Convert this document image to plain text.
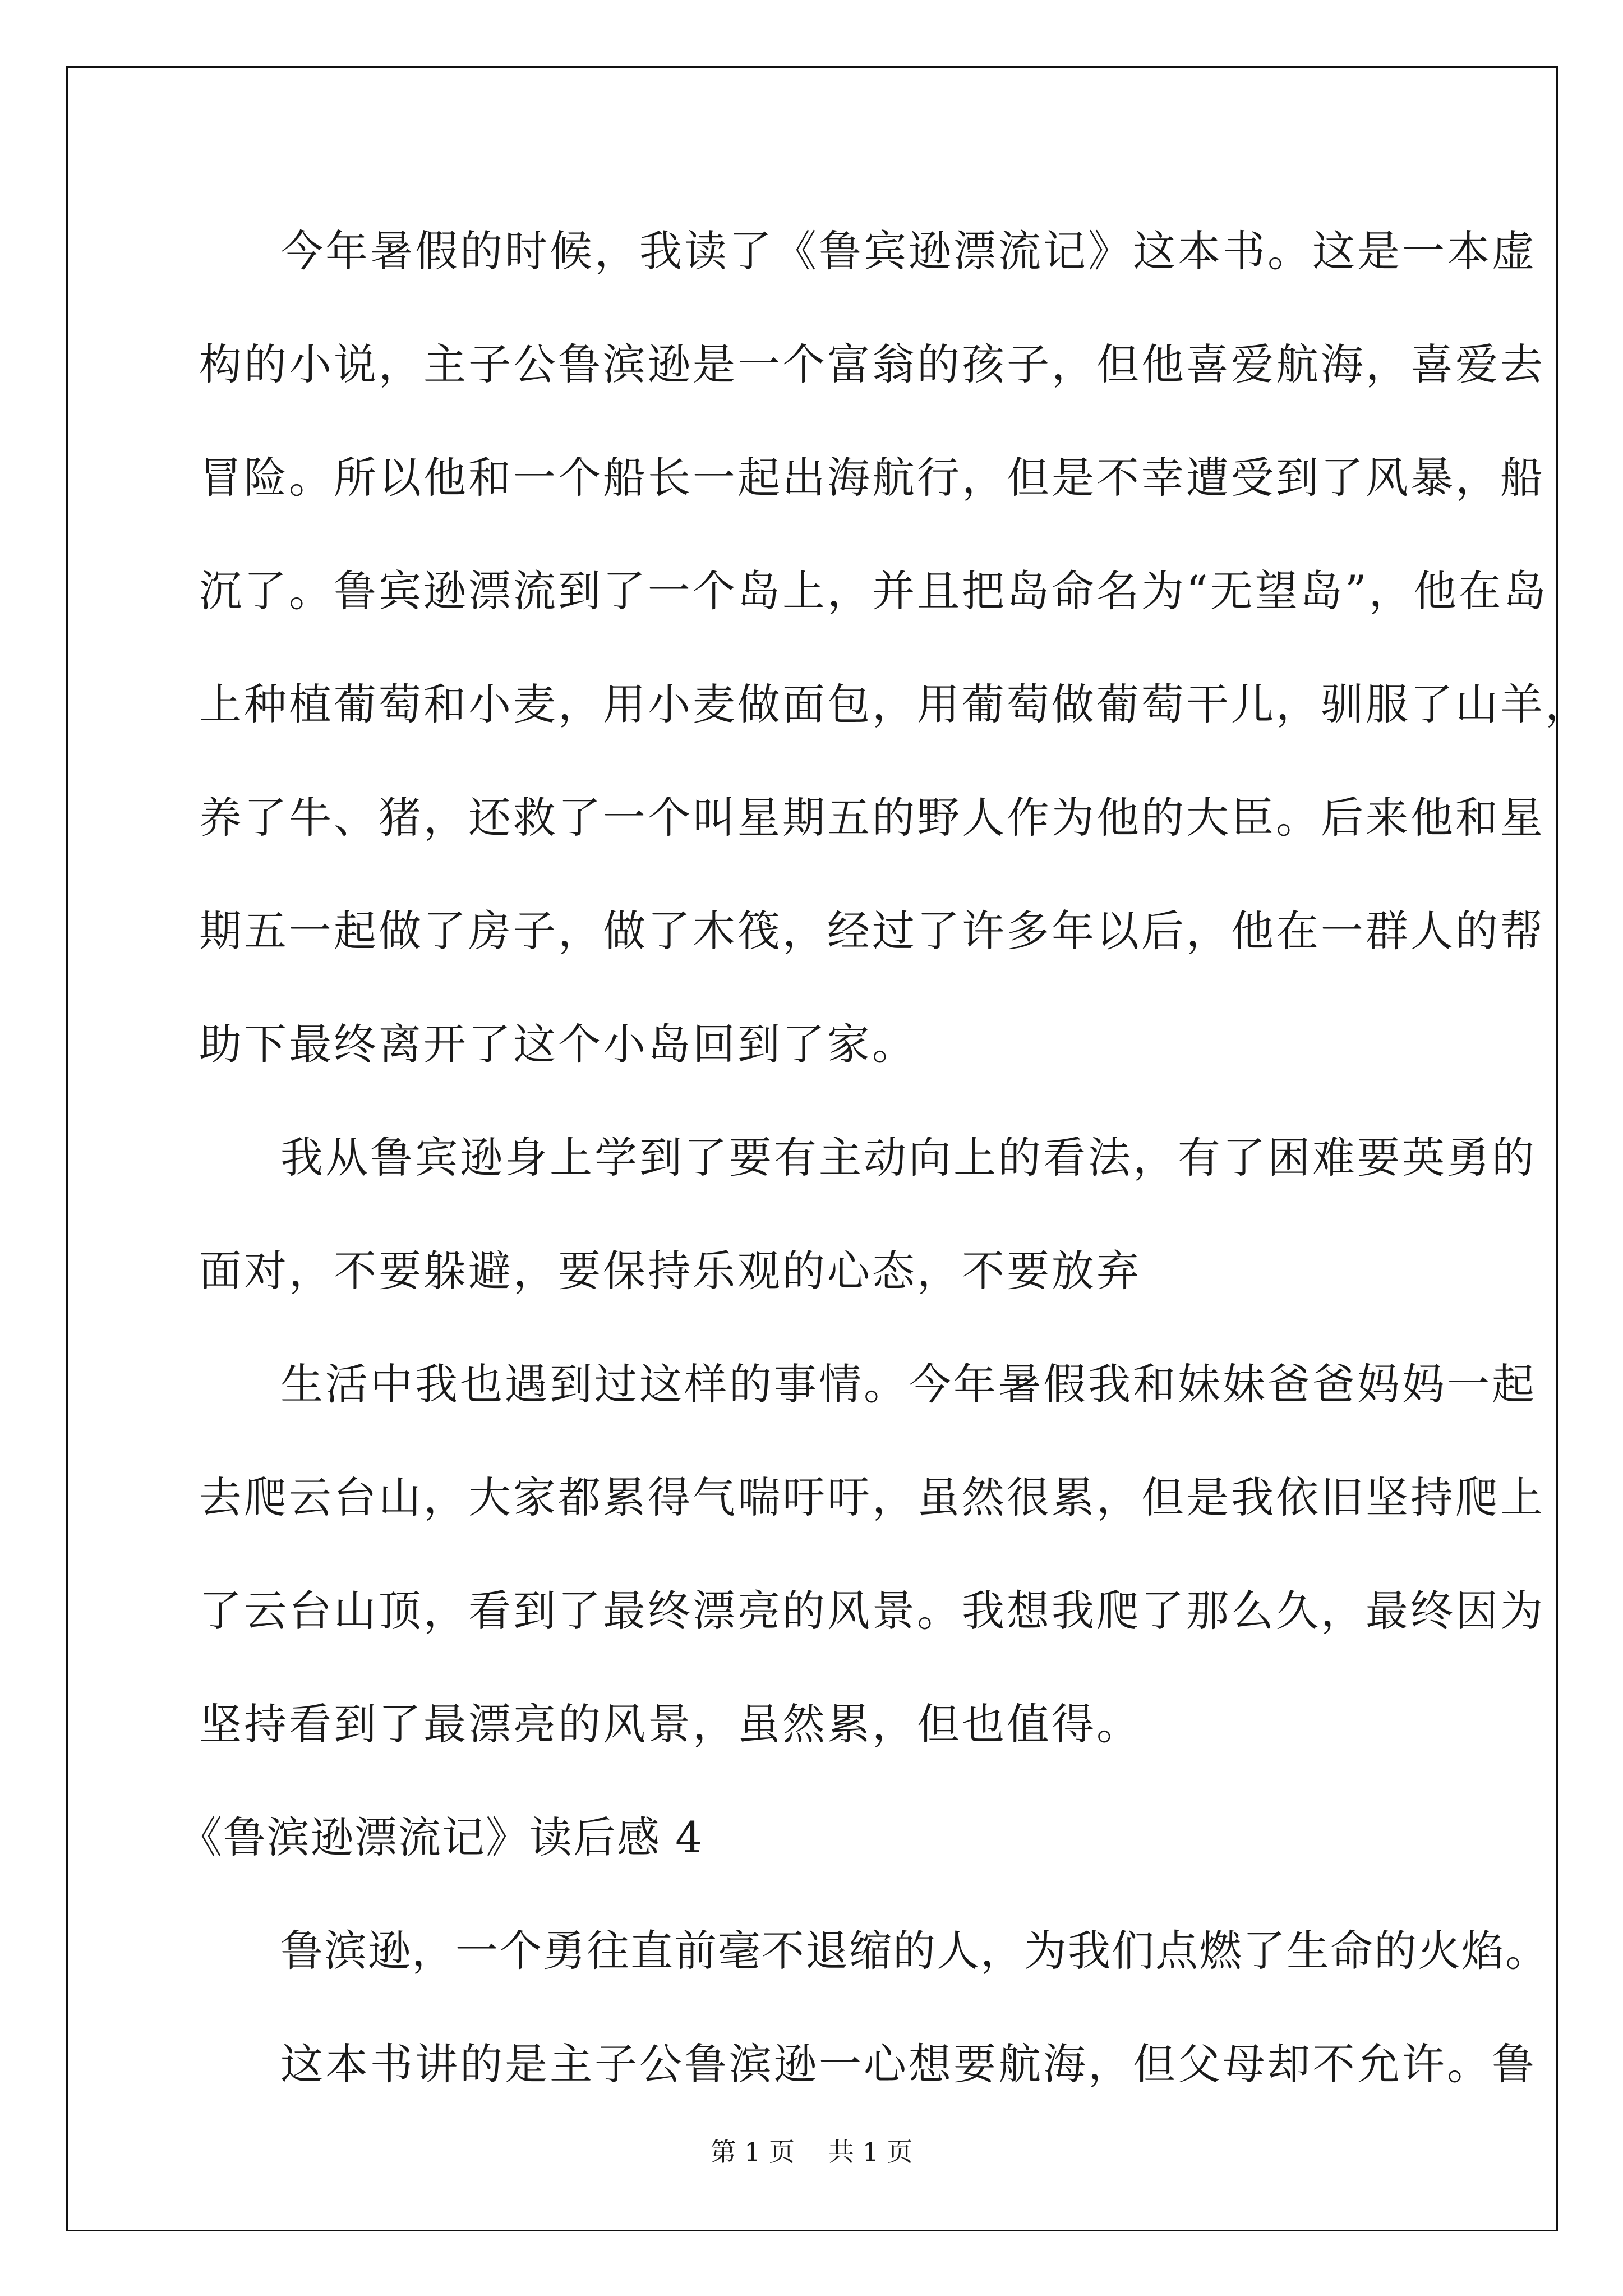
今年暑假的时候，我读了《鲁宾逊漂流记》这本书。这是一本虚
构的小说，主子公鲁滨逊是一个富翁的孩子，但他喜爱航海，喜爱去
冒险。所以他和一个船长一起出海航行，但是不幸遭受到了风暴，船
沉了。鲁宾逊漂流到了一个岛上，并且把岛命名为“无望岛”，他在岛
上种植葡萄和小麦，用小麦做面包，用葡萄做葡萄干儿，驯服了山羊，
养了牛、猪，还救了一个叫星期五的野人作为他的大臣。后来他和星
期五一起做了房子，做了木筏，经过了许多年以后，他在一群人的帮
助下最终离开了这个小岛回到了家。
我从鲁宾逊身上学到了要有主动向上的看法，有了困难要英勇的
面对，不要躲避，要保持乐观的心态，不要放弃
生活中我也遇到过这样的事情。今年暑假我和妹妹爸爸妈妈一起
去爬云台山，大家都累得气喘吁吁，虽然很累，但是我依旧坚持爬上
了云台山顶，看到了最终漂亮的风景。我想我爬了那么久，最终因为
坚持看到了最漂亮的风景，虽然累，但也值得。
《鲁滨逊漂流记》读后感 4
鲁滨逊，一个勇往直前毫不退缩的人，为我们点燃了生命的火焰。
这本书讲的是主子公鲁滨逊一心想要航海，但父母却不允许。鲁
第 1 页 共 1 页
